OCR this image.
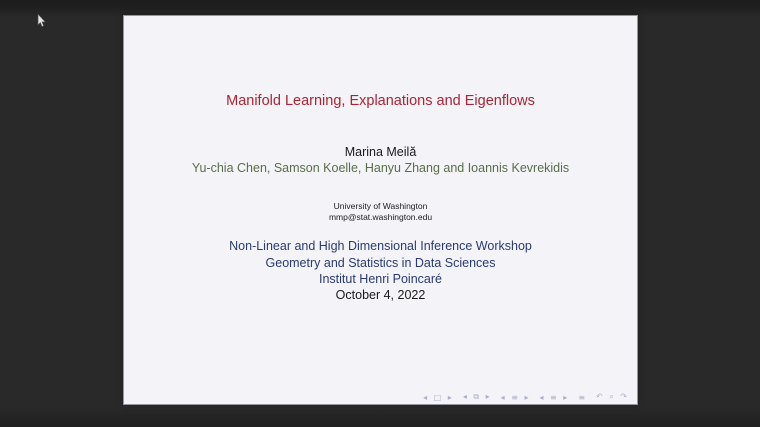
Manifold Learning, Explanations and Eigenflows
Marina Meilă
Yu-chia Chen, Samson Koelle, Hanyu Zhang and Ioannis Kevrekidis
University of Washington
mmp@stat.washington.edu
Non-Linear and High Dimensional Inference Workshop
Geometry and Statistics in Data Sciences
Institut Henri Poincaré
October 4, 2022
◂ □ ▸ ◂ ⧉ ▸ ◂ ≡ ▸ ◂ ≡ ▸ ≡ ↶ ⌕ ↷
